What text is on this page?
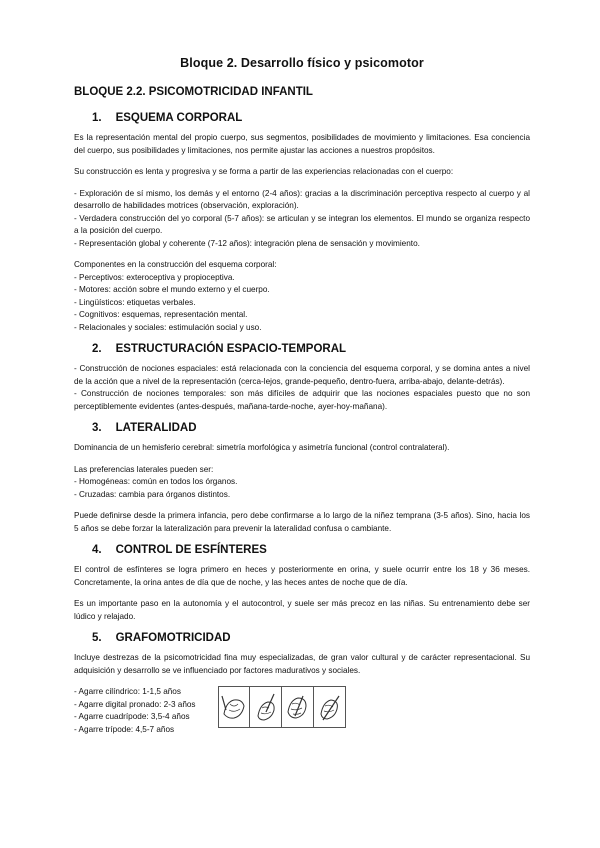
Bloque 2. Desarrollo físico y psicomotor
BLOQUE 2.2. PSICOMOTRICIDAD INFANTIL
1. ESQUEMA CORPORAL
Es la representación mental del propio cuerpo, sus segmentos, posibilidades de movimiento y limitaciones. Esa conciencia del cuerpo, sus posibilidades y limitaciones, nos permite ajustar las acciones a nuestros propósitos.
Su construcción es lenta y progresiva y se forma a partir de las experiencias relacionadas con el cuerpo:
- Exploración de sí mismo, los demás y el entorno (2-4 años): gracias a la discriminación perceptiva respecto al cuerpo y al desarrollo de habilidades motrices (observación, exploración).
- Verdadera construcción del yo corporal (5-7 años): se articulan y se integran los elementos. El mundo se organiza respecto a la posición del cuerpo.
- Representación global y coherente (7-12 años): integración plena de sensación y movimiento.
Componentes en la construcción del esquema corporal:
- Perceptivos: exteroceptiva y propioceptiva.
- Motores: acción sobre el mundo externo y el cuerpo.
- Lingüísticos: etiquetas verbales.
- Cognitivos: esquemas, representación mental.
- Relacionales y sociales: estimulación social y uso.
2. ESTRUCTURACIÓN ESPACIO-TEMPORAL
- Construcción de nociones espaciales: está relacionada con la conciencia del esquema corporal, y se domina antes a nivel de la acción que a nivel de la representación (cerca-lejos, grande-pequeño, dentro-fuera, arriba-abajo, delante-detrás).
- Construcción de nociones temporales: son más difíciles de adquirir que las nociones espaciales puesto que no son perceptiblemente evidentes (antes-después, mañana-tarde-noche, ayer-hoy-mañana).
3. LATERALIDAD
Dominancia de un hemisferio cerebral: simetría morfológica y asimetría funcional (control contralateral).
Las preferencias laterales pueden ser:
- Homogéneas: común en todos los órganos.
- Cruzadas: cambia para órganos distintos.
Puede definirse desde la primera infancia, pero debe confirmarse a lo largo de la niñez temprana (3-5 años). Sino, hacia los 5 años se debe forzar la lateralización para prevenir la lateralidad confusa o cambiante.
4. CONTROL DE ESFÍNTERES
El control de esfínteres se logra primero en heces y posteriormente en orina, y suele ocurrir entre los 18 y 36 meses. Concretamente, la orina antes de día que de noche, y las heces antes de noche que de día.
Es un importante paso en la autonomía y el autocontrol, y suele ser más precoz en las niñas. Su entrenamiento debe ser lúdico y relajado.
5. GRAFOMOTRICIDAD
Incluye destrezas de la psicomotricidad fina muy especializadas, de gran valor cultural y de carácter representacional. Su adquisición y desarrollo se ve influenciado por factores madurativos y sociales.
- Agarre cilíndrico: 1-1,5 años
- Agarre digital pronado: 2-3 años
- Agarre cuadrípode: 3,5-4 años
- Agarre trípode: 4,5-7 años
